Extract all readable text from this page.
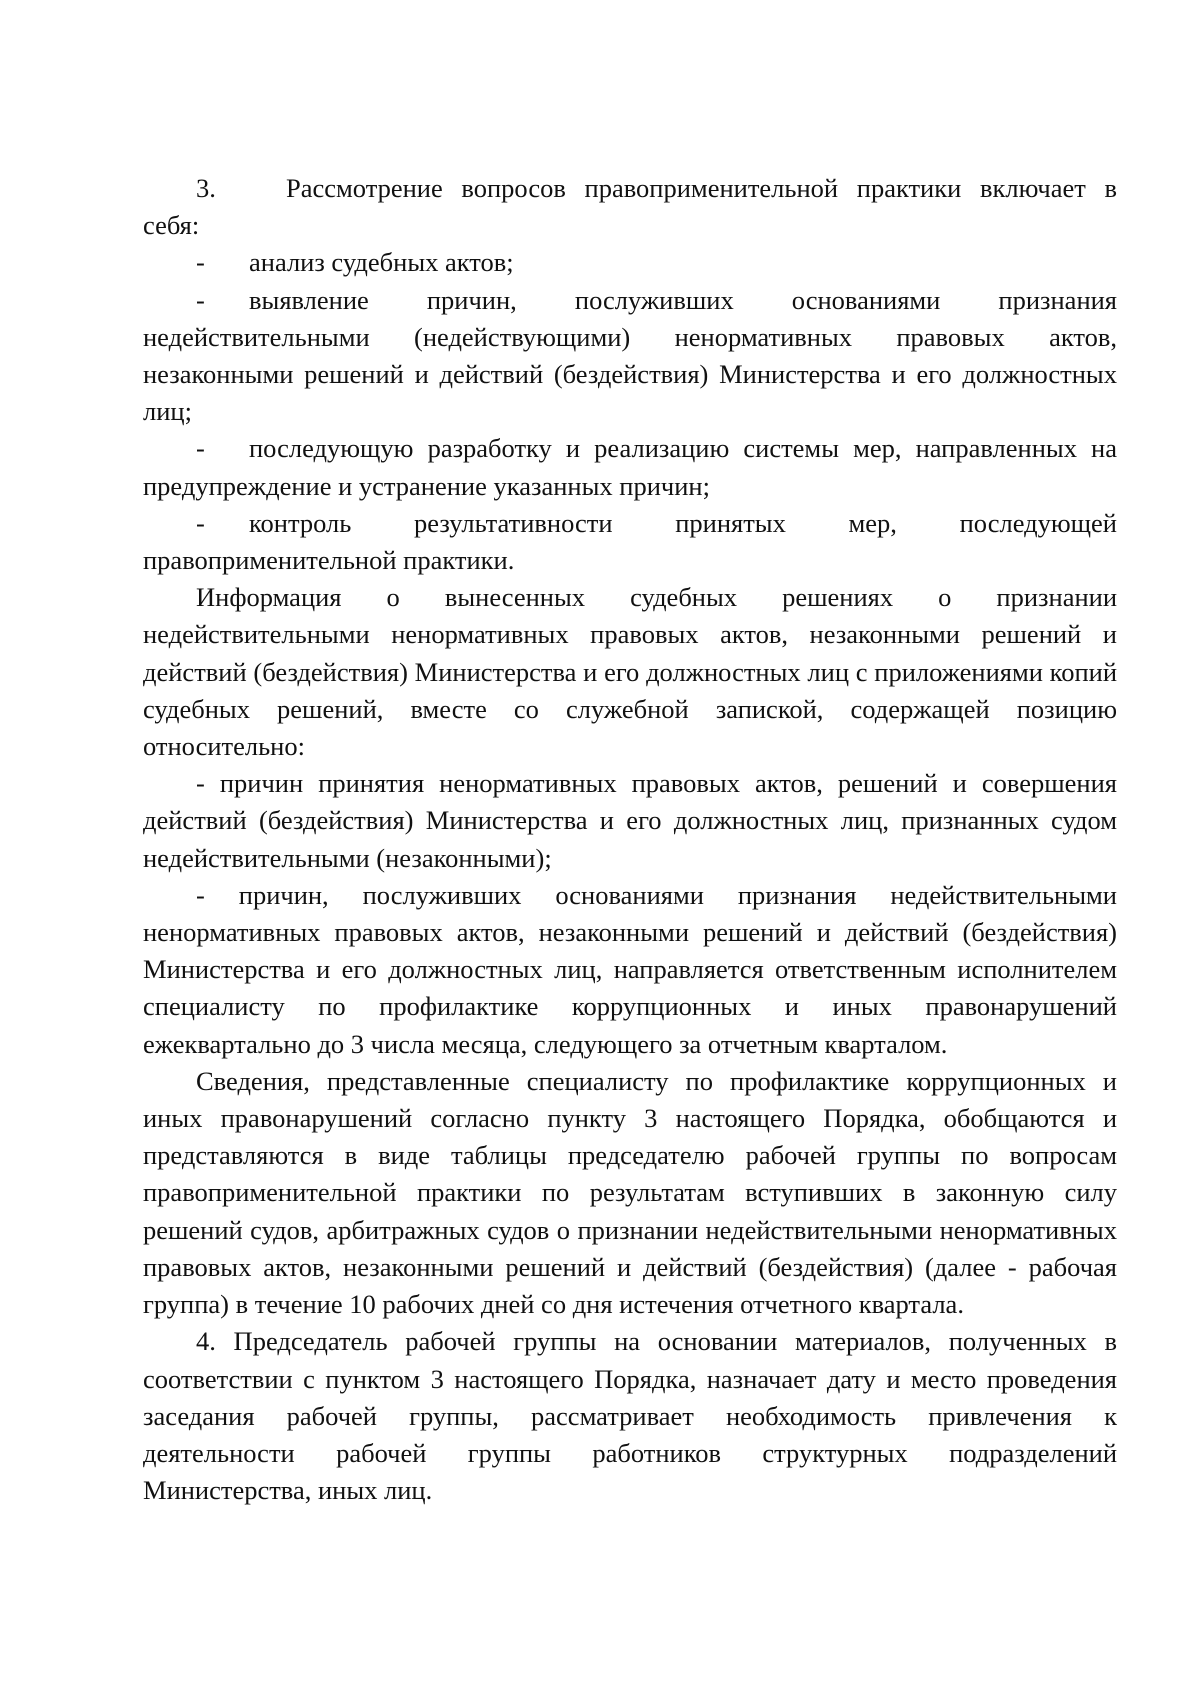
3.	Рассмотрение вопросов правоприменительной практики включает в себя:

- анализ судебных актов;

- выявление причин, послуживших основаниями признания недействительными (недействующими) ненормативных правовых актов, незаконными решений и действий (бездействия) Министерства и его должностных лиц;

- последующую разработку и реализацию системы мер, направленных на предупреждение и устранение указанных причин;

- контроль результативности принятых мер, последующей правоприменительной практики.

Информация о вынесенных судебных решениях о признании недействительными ненормативных правовых актов, незаконными решений и действий (бездействия) Министерства и его должностных лиц с приложениями копий судебных решений, вместе со служебной запиской, содержащей позицию относительно:

- причин принятия ненормативных правовых актов, решений и совершения действий (бездействия) Министерства и его должностных лиц, признанных судом недействительными (незаконными);

- причин, послуживших основаниями признания недействительными ненормативных правовых актов, незаконными решений и действий (бездействия) Министерства и его должностных лиц, направляется ответственным исполнителем специалисту по профилактике коррупционных и иных правонарушений ежеквартально до 3 числа месяца, следующего за отчетным кварталом.

Сведения, представленные специалисту по профилактике коррупционных и иных правонарушений согласно пункту 3 настоящего Порядка, обобщаются и представляются в виде таблицы председателю рабочей группы по вопросам правоприменительной практики по результатам вступивших в законную силу решений судов, арбитражных судов о признании недействительными ненормативных правовых актов, незаконными решений и действий (бездействия) (далее - рабочая группа) в течение 10 рабочих дней со дня истечения отчетного квартала.

4. Председатель рабочей группы на основании материалов, полученных в соответствии с пунктом 3 настоящего Порядка, назначает дату и место проведения заседания рабочей группы, рассматривает необходимость привлечения к деятельности рабочей группы работников структурных подразделений Министерства, иных лиц.
